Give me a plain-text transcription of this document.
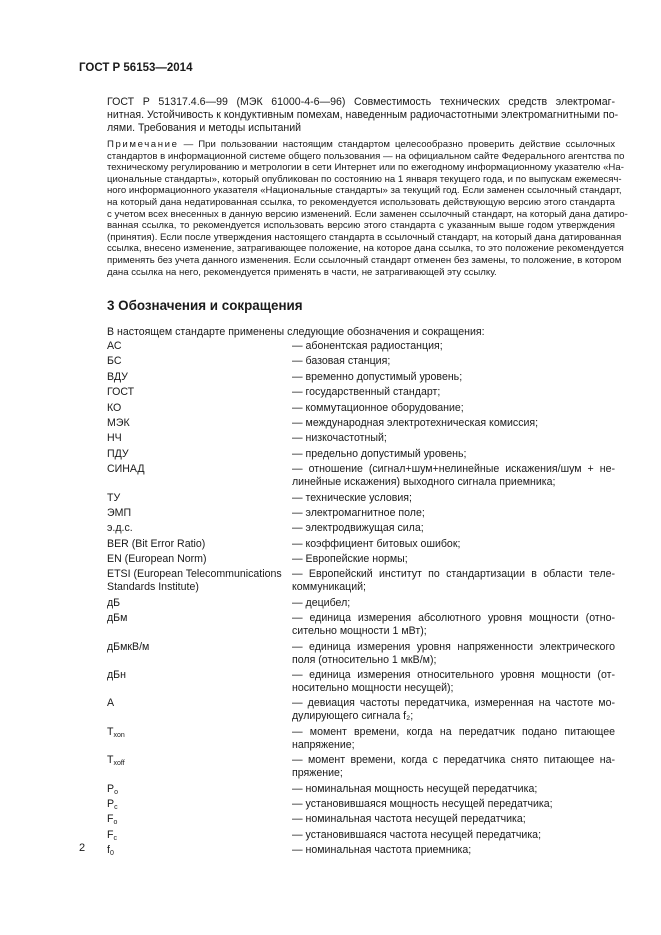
ГОСТ Р 56153—2014
ГОСТ Р 51317.4.6—99 (МЭК 61000-4-6—96) Совместимость технических средств электромаг-
нитная. Устойчивость к кондуктивным помехам, наведенным радиочастотными электромагнитными по-
лями. Требования и методы испытаний
Примечание — При пользовании настоящим стандартом целесообразно проверить действие ссылочных
стандартов в информационной системе общего пользования — на официальном сайте Федерального агентства по
техническому регулированию и метрологии в сети Интернет или по ежегодному информационному указателю «На-
циональные стандарты», который опубликован по состоянию на 1 января текущего года, и по выпускам ежемесяч-
ного информационного указателя «Национальные стандарты» за текущий год. Если заменен ссылочный стандарт,
на который дана недатированная ссылка, то рекомендуется использовать действующую версию этого стандарта
с учетом всех внесенных в данную версию изменений. Если заменен ссылочный стандарт, на который дана датиро-
ванная ссылка, то рекомендуется использовать версию этого стандарта с указанным выше годом утверждения
(принятия). Если после утверждения настоящего стандарта в ссылочный стандарт, на который дана датированная
ссылка, внесено изменение, затрагивающее положение, на которое дана ссылка, то это положение рекомендуется
применять без учета данного изменения. Если ссылочный стандарт отменен без замены, то положение, в котором
дана ссылка на него, рекомендуется применять в части, не затрагивающей эту ссылку.
3 Обозначения и сокращения
В настоящем стандарте применены следующие обозначения и сокращения:
АС	— абонентская радиостанция;
БС	— базовая станция;
ВДУ	— временно допустимый уровень;
ГОСТ	— государственный стандарт;
КО	— коммутационное оборудование;
МЭК	— международная электротехническая комиссия;
НЧ	— низкочастотный;
ПДУ	— предельно допустимый уровень;
СИНАД	— отношение (сигнал+шум+нелинейные искажения/шум + не-
линейные искажения) выходного сигнала приемника;
ТУ	— технические условия;
ЭМП	— электромагнитное поле;
э.д.с.	— электродвижущая сила;
BER (Bit Error Ratio)	— коэффициент битовых ошибок;
EN (European Norm)	— Европейские нормы;
ETSI (European Telecommunications Standards Institute)
— Европейский институт по стандартизации в области теле-
коммуникаций;
дБ	— децибел;
дБм	— единица измерения абсолютного уровня мощности (отно-
сительно мощности 1 мВт);
дБмкВ/м	— единица измерения уровня напряженности электрического
поля (относительно 1 мкВ/м);
дБн	— единица измерения относительного уровня мощности (от-
носительно мощности несущей);
A	— девиация частоты передатчика, измеренная на частоте мо-
дулирующего сигнала f₂;
$T_{xon}$	— момент времени, когда на передатчик подано питающее
напряжение;
$T_{xoff}$	— момент времени, когда с передатчика снято питающее на-
пряжение;
$P_о$	— номинальная мощность несущей передатчика;
$P_с$	— установившаяся мощность несущей передатчика;
$F_о$	— номинальная частота несущей передатчика;
$F_c$	— установившаяся частота несущей передатчика;
$f_0$	— номинальная частота приемника;
2
